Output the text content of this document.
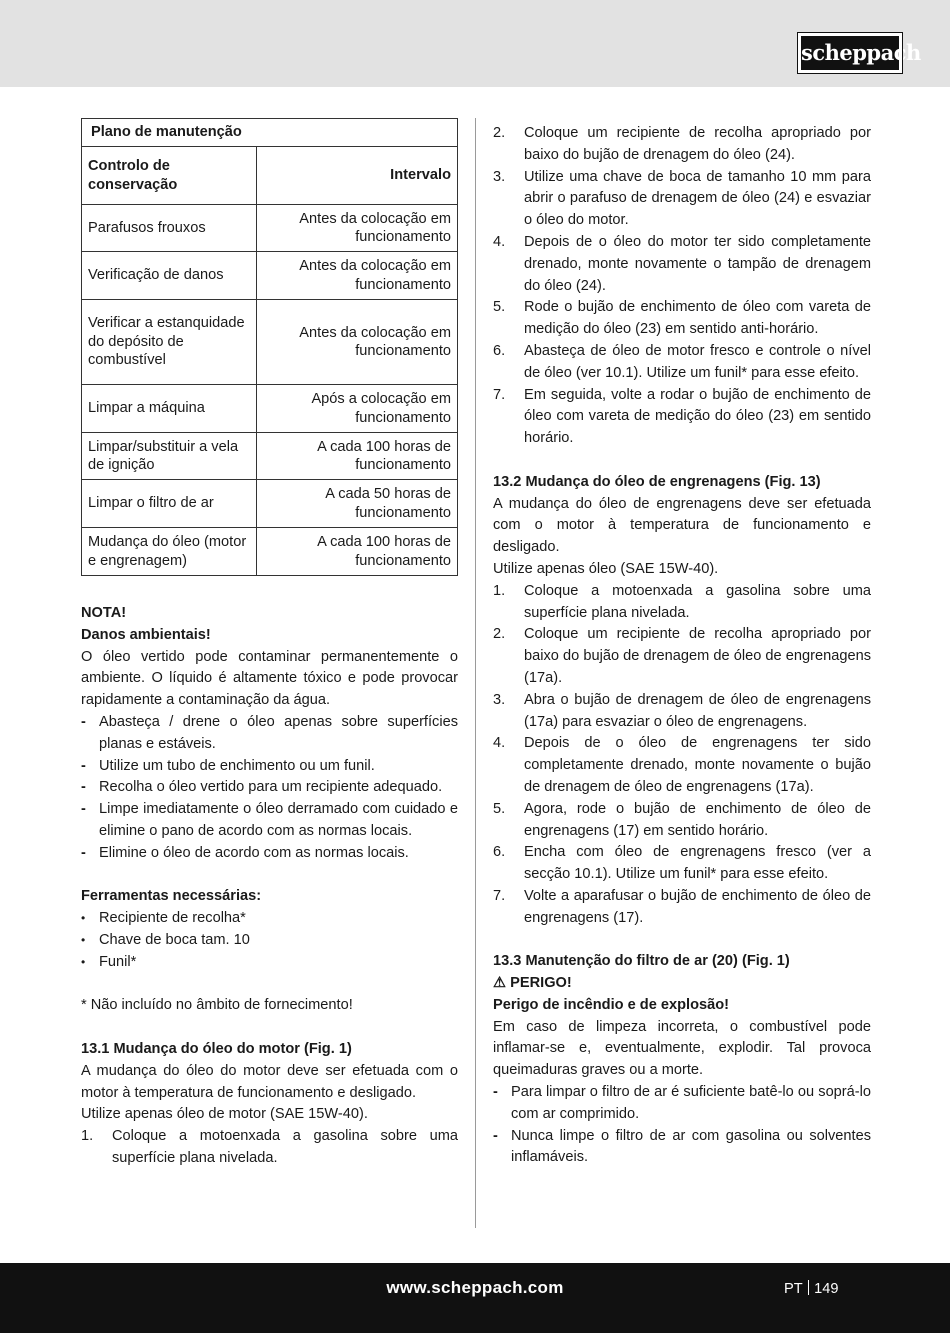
scheppach
Plano de manutenção	
Controlo de conservação	Intervalo
Parafusos frouxos	Antes da colocação em funcionamento
Verificação de danos	Antes da colocação em funcionamento
Verificar a estanquidade do depósito de combustível	Antes da colocação em funcionamento
Limpar a máquina	Após a colocação em funcionamento
Limpar/substituir a vela de ignição	A cada 100 horas de funcionamento
Limpar o filtro de ar	A cada 50 horas de funcionamento
Mudança do óleo (motor e engrenagem)	A cada 100 horas de funcionamento
NOTA!
Danos ambientais!

O óleo vertido pode contaminar permanentemente o ambiente. O líquido é altamente tóxico e pode provocar rapidamente a contaminação da água.

- Abasteça / drene o óleo apenas sobre superfícies planas e estáveis.
- Utilize um tubo de enchimento ou um funil.
- Recolha o óleo vertido para um recipiente adequado.
- Limpe imediatamente o óleo derramado com cuidado e elimine o pano de acordo com as normas locais.
- Elimine o óleo de acordo com as normas locais.
Ferramentas necessárias:
• Recipiente de recolha*
• Chave de boca tam. 10
• Funil*
* Não incluído no âmbito de fornecimento!
13.1 Mudança do óleo do motor (Fig. 1)

A mudança do óleo do motor deve ser efetuada com o motor à temperatura de funcionamento e desligado.

Utilize apenas óleo de motor (SAE 15W-40).
1. Coloque a motoenxada a gasolina sobre uma superfície plana nivelada.
2. Coloque um recipiente de recolha apropriado por baixo do bujão de drenagem do óleo (24).
3. Utilize uma chave de boca de tamanho 10 mm para abrir o parafuso de drenagem de óleo (24) e esvaziar o óleo do motor.
4. Depois de o óleo do motor ter sido completamente drenado, monte novamente o tampão de drenagem do óleo (24).
5. Rode o bujão de enchimento de óleo com vareta de medição do óleo (23) em sentido anti-horário.
6. Abasteça de óleo de motor fresco e controle o nível de óleo (ver 10.1). Utilize um funil* para esse efeito.
7. Em seguida, volte a rodar o bujão de enchimento de óleo com vareta de medição do óleo (23) em sentido horário.
13.2 Mudança do óleo de engrenagens (Fig. 13)

A mudança do óleo de engrenagens deve ser efetuada com o motor à temperatura de funcionamento e desligado.

Utilize apenas óleo (SAE 15W-40).
1. Coloque a motoenxada a gasolina sobre uma superfície plana nivelada.
2. Coloque um recipiente de recolha apropriado por baixo do bujão de drenagem de óleo de engrenagens (17a).
3. Abra o bujão de drenagem de óleo de engrenagens (17a) para esvaziar o óleo de engrenagens.
4. Depois de o óleo de engrenagens ter sido completamente drenado, monte novamente o bujão de drenagem de óleo de engrenagens (17a).
5. Agora, rode o bujão de enchimento de óleo de engrenagens (17) em sentido horário.
6. Encha com óleo de engrenagens fresco (ver a secção 10.1). Utilize um funil* para esse efeito.
7. Volte a aparafusar o bujão de enchimento de óleo de engrenagens (17).
13.3 Manutenção do filtro de ar (20) (Fig. 1)
⚠ PERIGO!
Perigo de incêndio e de explosão!

Em caso de limpeza incorreta, o combustível pode inflamar-se e, eventualmente, explodir. Tal provoca queimaduras graves ou a morte.

- Para limpar o filtro de ar é suficiente batê-lo ou soprá-lo com ar comprimido.
- Nunca limpe o filtro de ar com gasolina ou solventes inflamáveis.
www.scheppach.com	PT 149
